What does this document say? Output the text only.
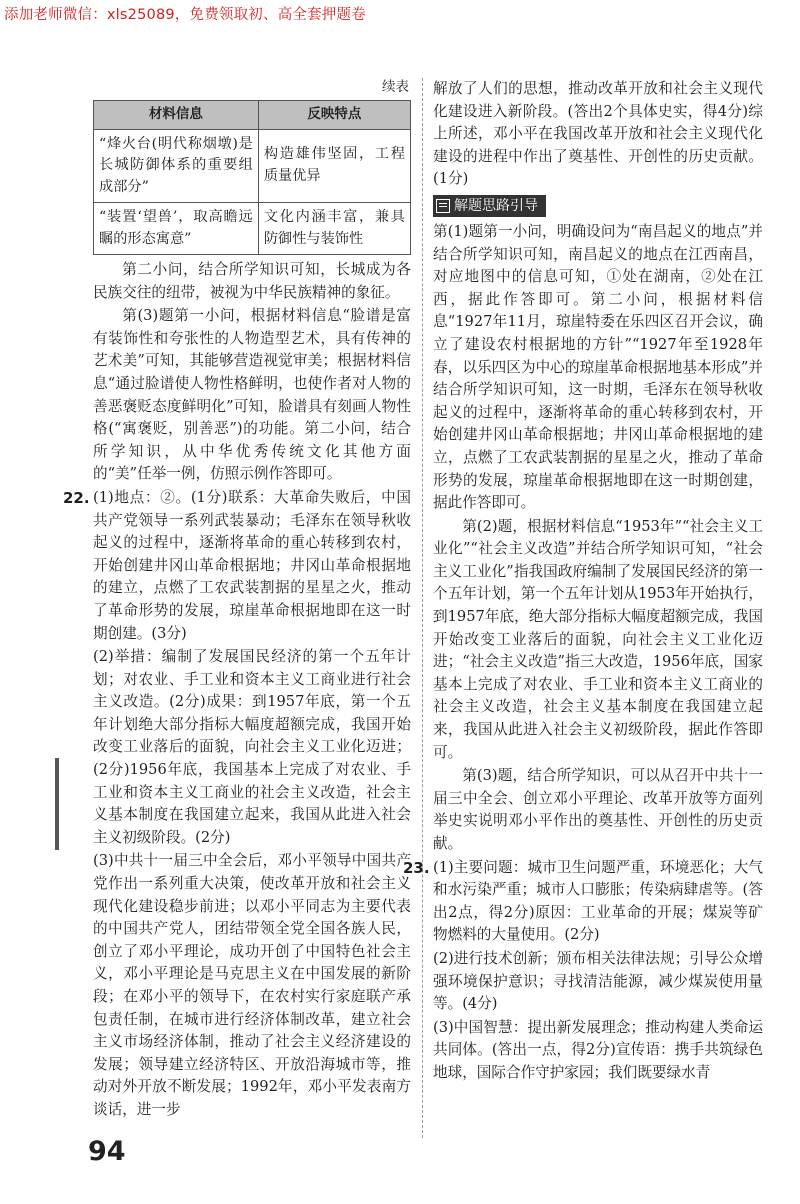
添加老师微信：xls25089，免费领取初、高全套押题卷
续表
材料信息	反映特点
“烽火台(明代称烟墩)是长城防御体系的重要组成部分”	构造雄伟坚固，工程质量优异
“装置‘望兽’，取高瞻远瞩的形态寓意”	文化内涵丰富，兼具防御性与装饰性

第二小问，结合所学知识可知，长城成为各民族交往的纽带，被视为中华民族精神的象征。

第(3)题第一小问，根据材料信息“脸谱是富有装饰性和夸张性的人物造型艺术，具有传神的艺术美”可知，其能够营造视觉审美；根据材料信息“通过脸谱使人物性格鲜明，也使作者对人物的善恶褒贬态度鲜明化”可知，脸谱具有刻画人物性格(“寓褒贬，别善恶”)的功能。第二小问，结合所学知识，从中华优秀传统文化其他方面的“美”任举一例，仿照示例作答即可。

22. (1)地点：②。(1分)联系：大革命失败后，中国共产党领导一系列武装暴动；毛泽东在领导秋收起义的过程中，逐渐将革命的重心转移到农村，开始创建井冈山革命根据地；井冈山革命根据地的建立，点燃了工农武装割据的星星之火，推动了革命形势的发展，琼崖革命根据地即在这一时期创建。(3分)

(2)举措：编制了发展国民经济的第一个五年计划；对农业、手工业和资本主义工商业进行社会主义改造。(2分)成果：到1957年底，第一个五年计划绝大部分指标大幅度超额完成，我国开始改变工业落后的面貌，向社会主义工业化迈进；(2分)1956年底，我国基本上完成了对农业、手工业和资本主义工商业的社会主义改造，社会主义基本制度在我国建立起来，我国从此进入社会主义初级阶段。(2分)

(3)中共十一届三中全会后，邓小平领导中国共产党作出一系列重大决策，使改革开放和社会主义现代化建设稳步前进；以邓小平同志为主要代表的中国共产党人，团结带领全党全国各族人民，创立了邓小平理论，成功开创了中国特色社会主义，邓小平理论是马克思主义在中国发展的新阶段；在邓小平的领导下，在农村实行家庭联产承包责任制，在城市进行经济体制改革，建立社会主义市场经济体制，推动了社会主义经济建设的发展；领导建立经济特区、开放沿海城市等，推动对外开放不断发展；1992年，邓小平发表南方谈话，进一步

解放了人们的思想，推动改革开放和社会主义现代化建设进入新阶段。(答出2个具体史实，得4分)综上所述，邓小平在我国改革开放和社会主义现代化建设的进程中作出了奠基性、开创性的历史贡献。(1分)

解题思路引导

第(1)题第一小问，明确设问为“南昌起义的地点”并结合所学知识可知，南昌起义的地点在江西南昌，对应地图中的信息可知，①处在湖南，②处在江西，据此作答即可。第二小问，根据材料信息“1927年11月，琼崖特委在乐四区召开会议，确立了建设农村根据地的方针”“1927年至1928年春，以乐四区为中心的琼崖革命根据地基本形成”并结合所学知识可知，这一时期，毛泽东在领导秋收起义的过程中，逐渐将革命的重心转移到农村，开始创建井冈山革命根据地；井冈山革命根据地的建立，点燃了工农武装割据的星星之火，推动了革命形势的发展，琼崖革命根据地即在这一时期创建，据此作答即可。

第(2)题，根据材料信息“1953年”“社会主义工业化”“社会主义改造”并结合所学知识可知，“社会主义工业化”指我国政府编制了发展国民经济的第一个五年计划，第一个五年计划从1953年开始执行，到1957年底，绝大部分指标大幅度超额完成，我国开始改变工业落后的面貌，向社会主义工业化迈进；“社会主义改造”指三大改造，1956年底，国家基本上完成了对农业、手工业和资本主义工商业的社会主义改造，社会主义基本制度在我国建立起来，我国从此进入社会主义初级阶段，据此作答即可。

第(3)题，结合所学知识，可以从召开中共十一届三中全会、创立邓小平理论、改革开放等方面列举史实说明邓小平作出的奠基性、开创性的历史贡献。

23. (1)主要问题：城市卫生问题严重，环境恶化；大气和水污染严重；城市人口膨胀；传染病肆虐等。(答出2点，得2分)原因：工业革命的开展；煤炭等矿物燃料的大量使用。(2分)

(2)进行技术创新；颁布相关法律法规；引导公众增强环境保护意识；寻找清洁能源，减少煤炭使用量等。(4分)

(3)中国智慧：提出新发展理念；推动构建人类命运共同体。(答出一点，得2分)宣传语：携手共筑绿色地球，国际合作守护家园；我们既要绿水青

94
